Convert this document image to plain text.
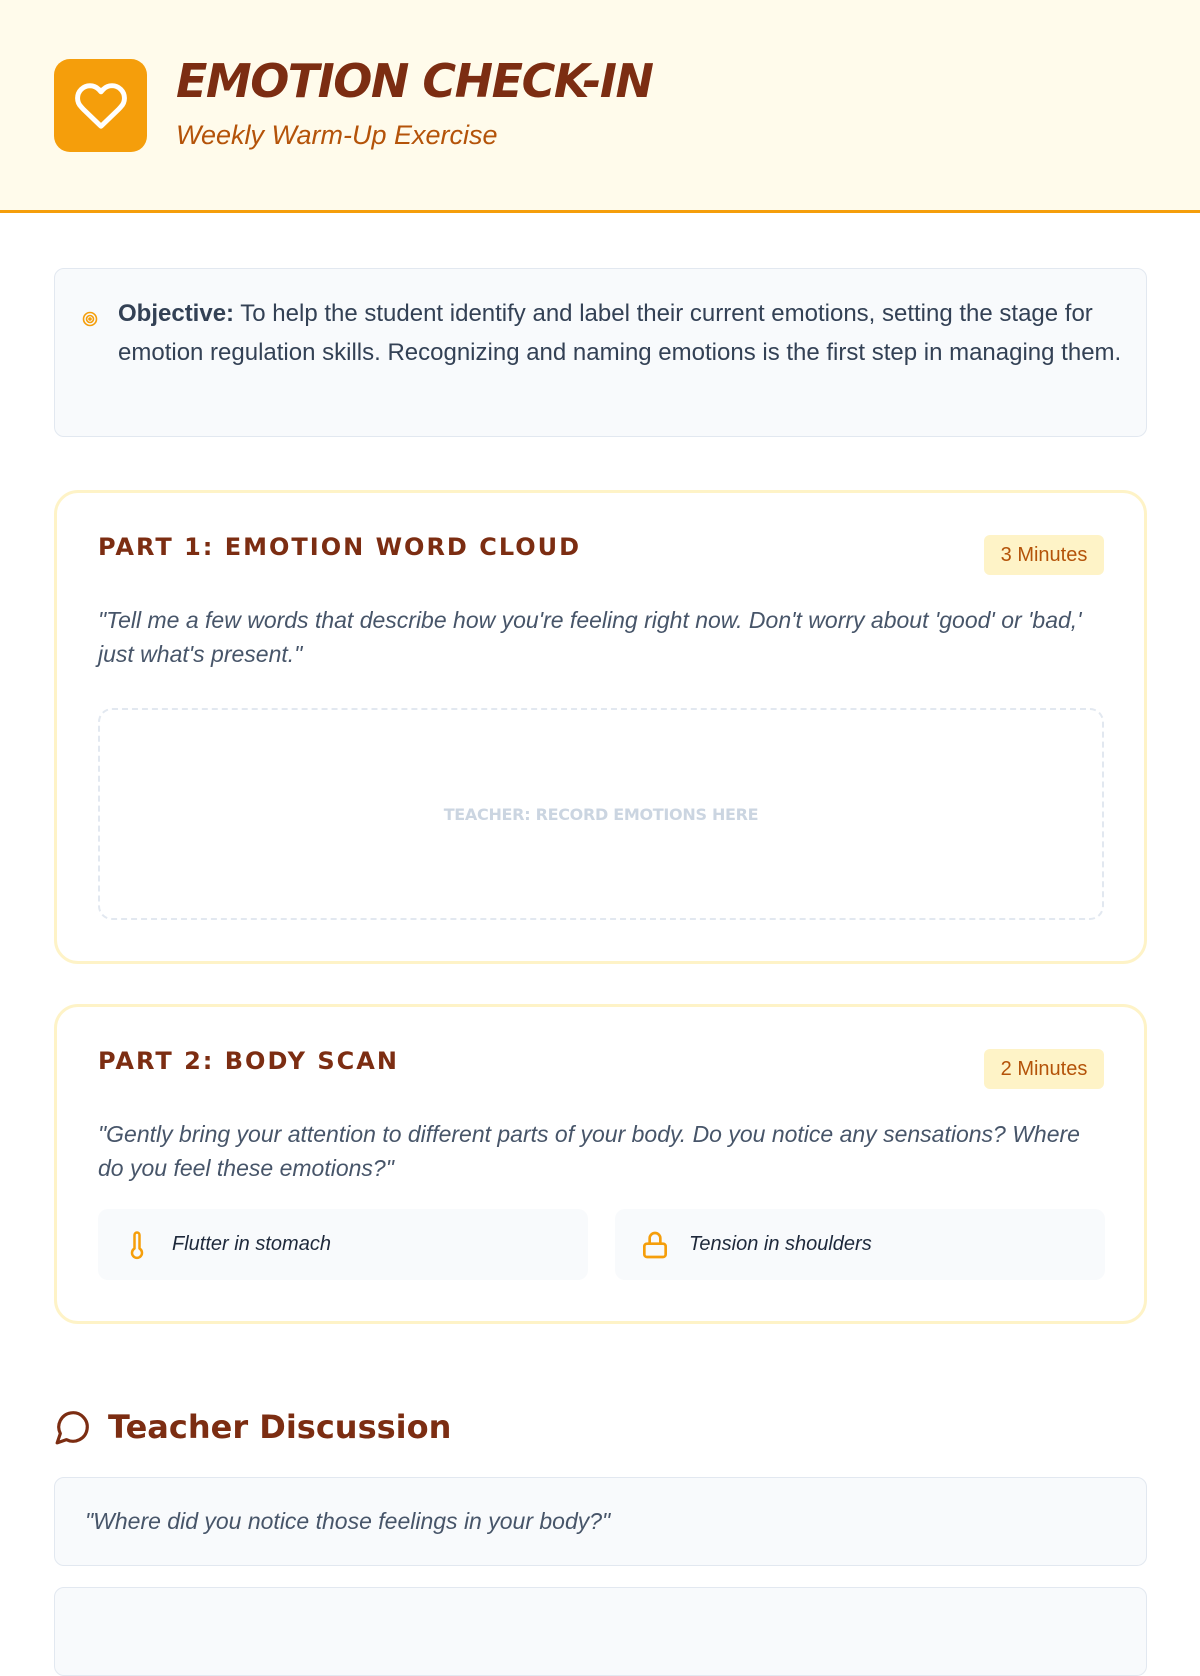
EMOTION CHECK-IN
Weekly Warm-Up Exercise
Objective: To help the student identify and label their current emotions, setting the stage for emotion regulation skills. Recognizing and naming emotions is the first step in managing them.
PART 1: EMOTION WORD CLOUD	3 Minutes
"Tell me a few words that describe how you're feeling right now. Don't worry about 'good' or 'bad,' just what's present."
TEACHER: RECORD EMOTIONS HERE
PART 2: BODY SCAN	2 Minutes
"Gently bring your attention to different parts of your body. Do you notice any sensations? Where do you feel these emotions?"
Flutter in stomach	Tension in shoulders
Teacher Discussion
"Where did you notice those feelings in your body?"
